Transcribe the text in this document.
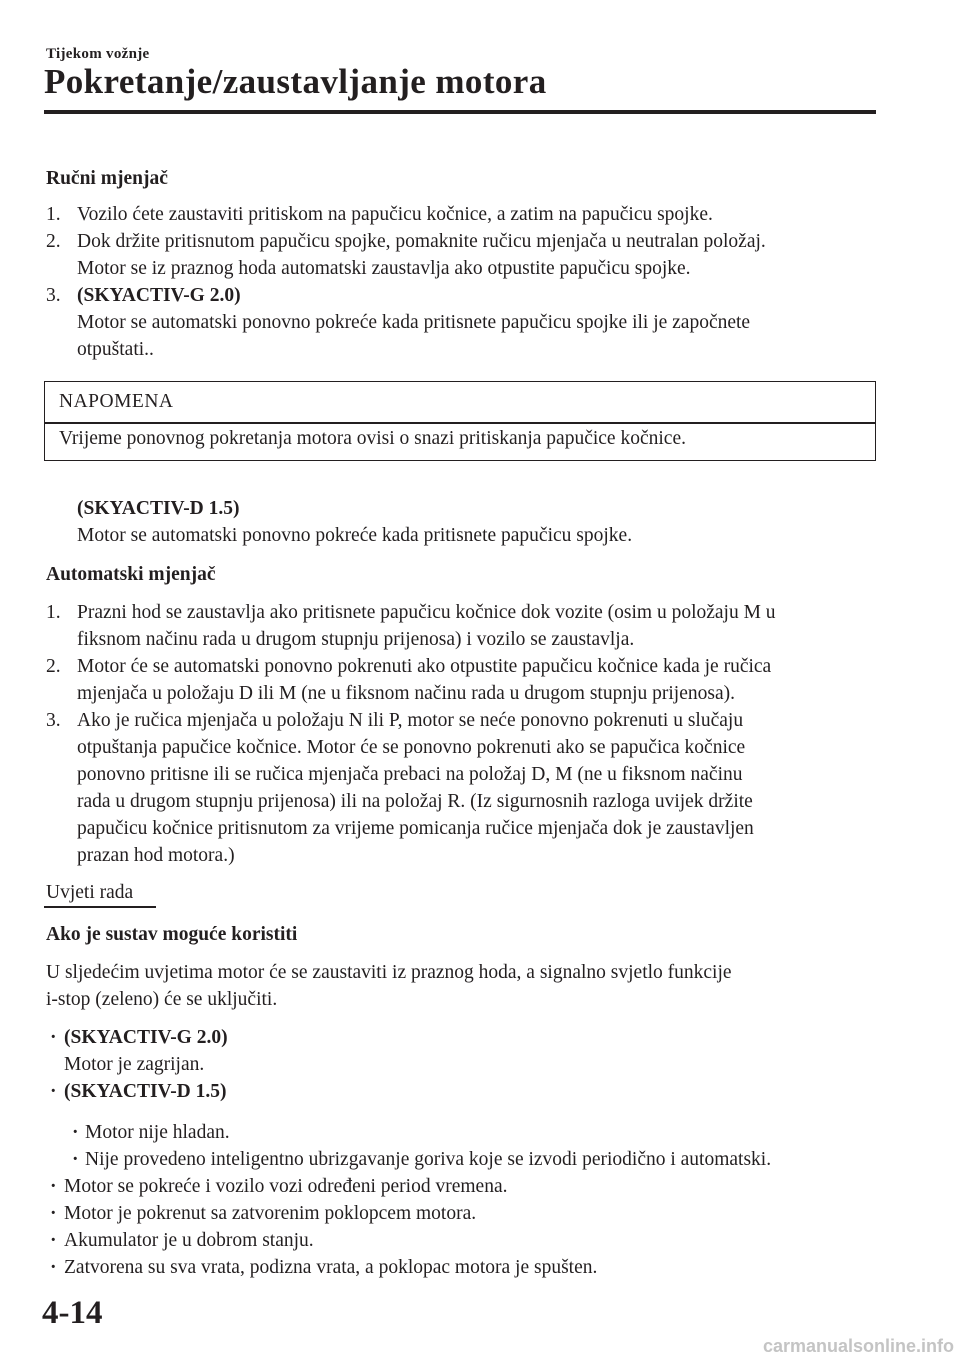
Tijekom vožnje
Pokretanje/zaustavljanje motora
Ručni mjenjač
1. Vozilo ćete zaustaviti pritiskom na papučicu kočnice, a zatim na papučicu spojke.
2. Dok držite pritisnutom papučicu spojke, pomaknite ručicu mjenjača u neutralan položaj.
Motor se iz praznog hoda automatski zaustavlja ako otpustite papučicu spojke.
3. (SKYACTIV-G 2.0)
Motor se automatski ponovno pokreće kada pritisnete papučicu spojke ili je započnete
otpuštati..
NAPOMENA
Vrijeme ponovnog pokretanja motora ovisi o snazi pritiskanja papučice kočnice.
(SKYACTIV-D 1.5)
Motor se automatski ponovno pokreće kada pritisnete papučicu spojke.
Automatski mjenjač
1. Prazni hod se zaustavlja ako pritisnete papučicu kočnice dok vozite (osim u položaju M u
fiksnom načinu rada u drugom stupnju prijenosa) i vozilo se zaustavlja.
2. Motor će se automatski ponovno pokrenuti ako otpustite papučicu kočnice kada je ručica
mjenjača u položaju D ili M (ne u fiksnom načinu rada u drugom stupnju prijenosa).
3. Ako je ručica mjenjača u položaju N ili P, motor se neće ponovno pokrenuti u slučaju
otpuštanja papučice kočnice. Motor će se ponovno pokrenuti ako se papučica kočnice
ponovno pritisne ili se ručica mjenjača prebaci na položaj D, M (ne u fiksnom načinu
rada u drugom stupnju prijenosa) ili na položaj R. (Iz sigurnosnih razloga uvijek držite
papučicu kočnice pritisnutom za vrijeme pomicanja ručice mjenjača dok je zaustavljen
prazan hod motora.)
Uvjeti rada
Ako je sustav moguće koristiti
U sljedećim uvjetima motor će se zaustaviti iz praznog hoda, a signalno svjetlo funkcije
i-stop (zeleno) će se uključiti.
· (SKYACTIV-G 2.0)
Motor je zagrijan.
· (SKYACTIV-D 1.5)
· Motor nije hladan.
· Nije provedeno inteligentno ubrizgavanje goriva koje se izvodi periodično i automatski.
· Motor se pokreće i vozilo vozi određeni period vremena.
· Motor je pokrenut sa zatvorenim poklopcem motora.
· Akumulator je u dobrom stanju.
· Zatvorena su sva vrata, podizna vrata, a poklopac motora je spušten.
4-14
carmanualsonline.info
